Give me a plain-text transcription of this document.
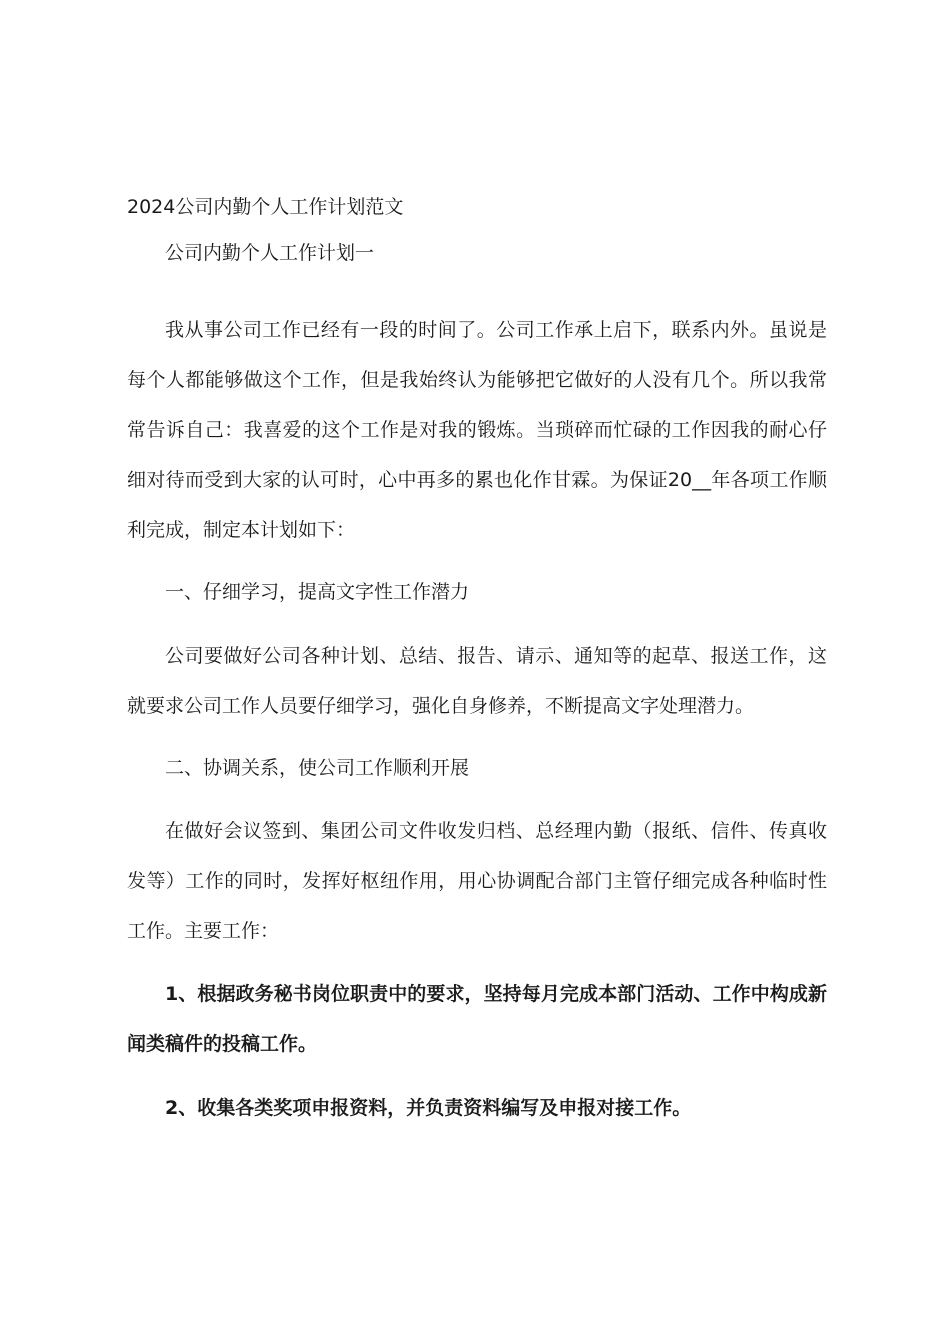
2024公司内勤个人工作计划范文

公司内勤个人工作计划一

我从事公司工作已经有一段的时间了。公司工作承上启下，联系内外。虽说是每个人都能够做这个工作，但是我始终认为能够把它做好的人没有几个。所以我常常告诉自己：我喜爱的这个工作是对我的锻炼。当琐碎而忙碌的工作因我的耐心仔细对待而受到大家的认可时，心中再多的累也化作甘霖。为保证20__年各项工作顺利完成，制定本计划如下：

一、仔细学习，提高文字性工作潜力

公司要做好公司各种计划、总结、报告、请示、通知等的起草、报送工作，这就要求公司工作人员要仔细学习，强化自身修养，不断提高文字处理潜力。

二、协调关系，使公司工作顺利开展

在做好会议签到、集团公司文件收发归档、总经理内勤（报纸、信件、传真收发等）工作的同时，发挥好枢纽作用，用心协调配合部门主管仔细完成各种临时性工作。主要工作：

1、根据政务秘书岗位职责中的要求，坚持每月完成本部门活动、工作中构成新闻类稿件的投稿工作。

2、收集各类奖项申报资料，并负责资料编写及申报对接工作。
